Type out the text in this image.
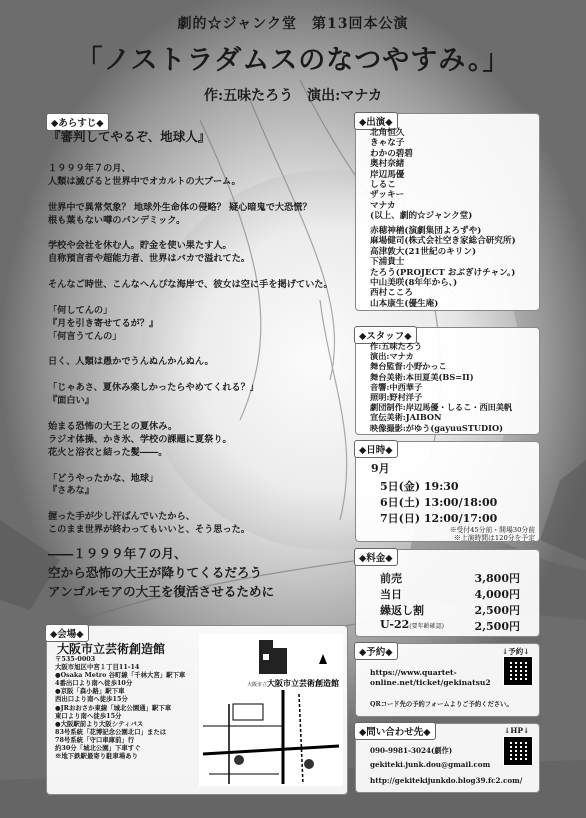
劇的☆ジャンク堂　第13回本公演
「ノストラダムスのなつやすみ。」
作:五味たろう　演出:マナカ
◆あらすじ◆
『審判してやるぞ、地球人』

１９９９年７の月、

人類は滅びると世界中でオカルトの大ブーム。

世界中で異常気象？ 地球外生命体の侵略？ 疑心暗鬼で大恐慌？

根も葉もない噂のパンデミック。

学校や会社を休む人。貯金を使い果たす人。

自称預言者や超能力者、世界はバカで溢れてた。

そんなご時世、こんなへんぴな海岸で、彼女は空に手を掲げていた。

「何してんの」

『月を引き寄せてるが？』

「何言うてんの」

日く、人類は愚かでうんぬんかんぬん。

「じゃあさ、夏休み楽しかったらやめてくれる？」

『面白い』

始まる恐怖の大王との夏休み。

ラジオ体操、かき氷、学校の課題に夏祭り。

花火と浴衣と結った髪――。

「どうやったかな、地球」

『さあな』

握った手が少し汗ばんでいたから、

このまま世界が終わってもいいと、そう思った。

――１９９９年７の月、

空から恐怖の大王が降りてくるだろう

アンゴルモアの大王を復活させるために

◆出演◆

北角恒久

きゃな子

わかの碧碧

奥村奈緒

岸辺馬優

しるこ

ザッキー

マナカ

(以上、劇的☆ジャンク堂)

赤穂神楢(演劇集団よろずや)

麻場健司(株式会社空き家総合研究所)

高津敦大(21世紀のキリン)

下浦貴士

たろう(PROJECT おぶぎけチャン。)

中山美咲(8年年から、)

西村こころ

山本康生(優生庵)

◆スタッフ◆

作:五味たろう

演出:マナカ

舞台監督:小野かっこ

舞台美術:本田夏美(BS=II)

音響:中西華子

照明:野村洋子

劇団制作:岸辺馬優・しるこ・西田美帆

宣伝美術:JAIBON

映像撮影:がゆう(gayuuSTUDIO)

◆日時◆
9月
5日(金) 19:30
6日(土) 13:00/18:00
7日(日) 12:00/17:00
※受付45分前・開場30分前
※上演時間は120分を予定
◆料金◆
前売	3,800円
当日	4,000円
繰返し割	2,500円
U-22(要年齢確認)	2,500円
◆予約◆	↓予約↓
https://www.quartet-online.net/ticket/gekinatsu2
QRコード先の予約フォームよりご予約ください。
◆問い合わせ先◆	↓HP↓
090-9981-3024(劇作)
gekiteki.junk.dou@gmail.com
http://gekitekijunkdo.blog39.fc2.com/
◆会場◆
大阪市立芸術創造館

〒535-0003

大阪市旭区中宮１丁目11-14

●Osaka Metro 谷町線「千林大宮」駅下車

4番出口より南へ徒歩10分

●京阪「森小路」駅下車

西出口より南へ徒歩15分

●JRおおさか東線「城北公園通」駅下車

東口より南へ徒歩15分

●大阪駅前より大阪シティバス

83号系統「花博記念公園北口」または

78号系統「守口車庫前」行

約30分「城北公園」下車すぐ

※地下鉄駅最寄り駐車場あり

大阪市立 大阪市立芸術創造館
